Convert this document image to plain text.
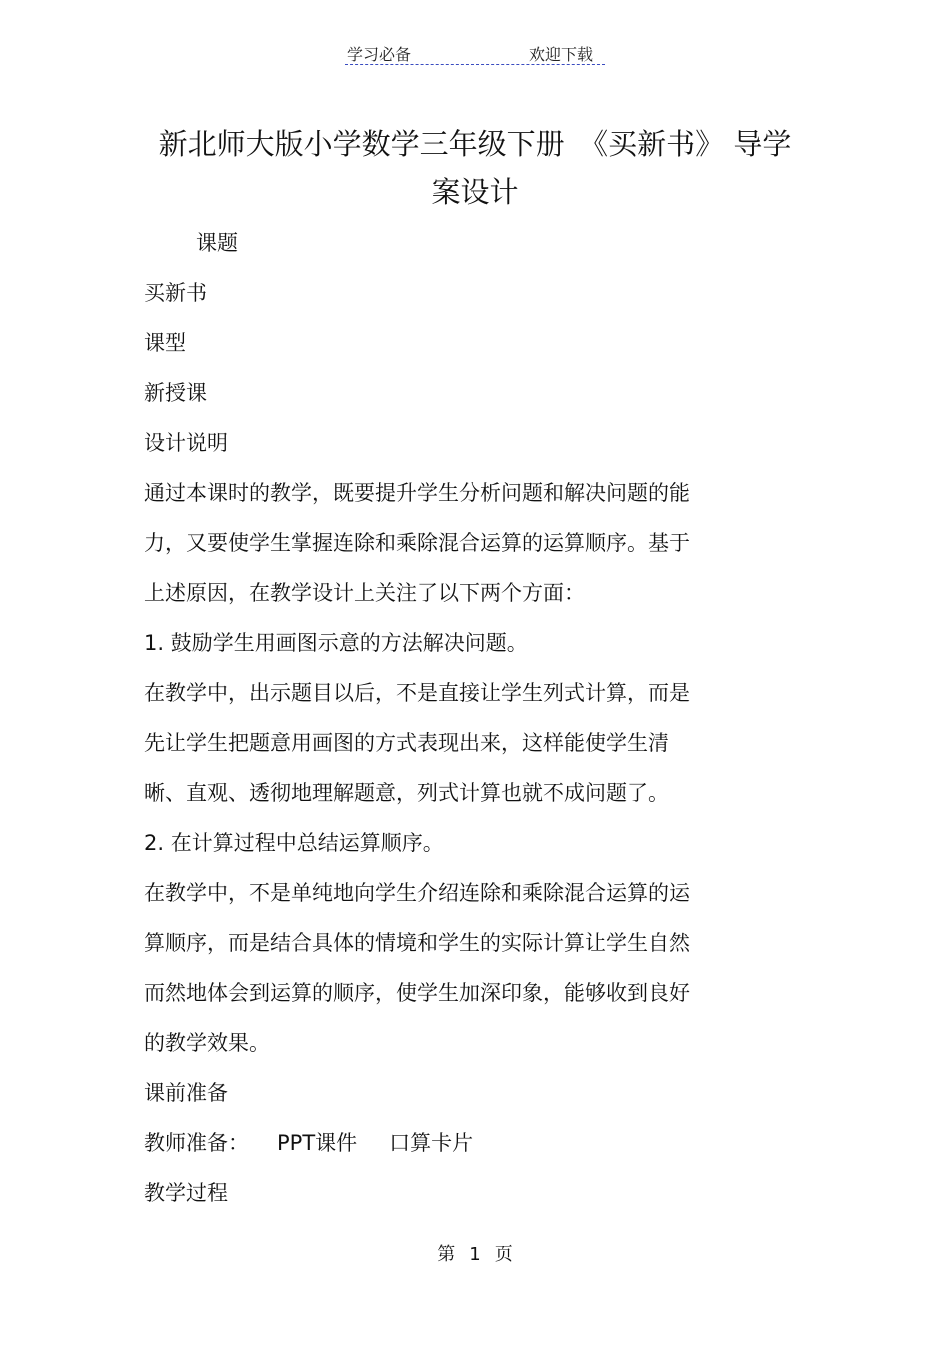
学习必备	欢迎下载
新北师大版小学数学三年级下册　《买新书》 导学
案设计

课题

买新书

课型

新授课

设计说明

通过本课时的教学，既要提升学生分析问题和解决问题的能

力，又要使学生掌握连除和乘除混合运算的运算顺序。基于

上述原因，在教学设计上关注了以下两个方面：

1. 鼓励学生用画图示意的方法解决问题。

在教学中，出示题目以后，不是直接让学生列式计算，而是

先让学生把题意用画图的方式表现出来，这样能使学生清

晰、直观、透彻地理解题意，列式计算也就不成问题了。

2. 在计算过程中总结运算顺序。

在教学中，不是单纯地向学生介绍连除和乘除混合运算的运

算顺序，而是结合具体的情境和学生的实际计算让学生自然

而然地体会到运算的顺序，使学生加深印象，能够收到良好

的教学效果。

课前准备

教师准备： PPT课件 口算卡片

教学过程

第 1 页
